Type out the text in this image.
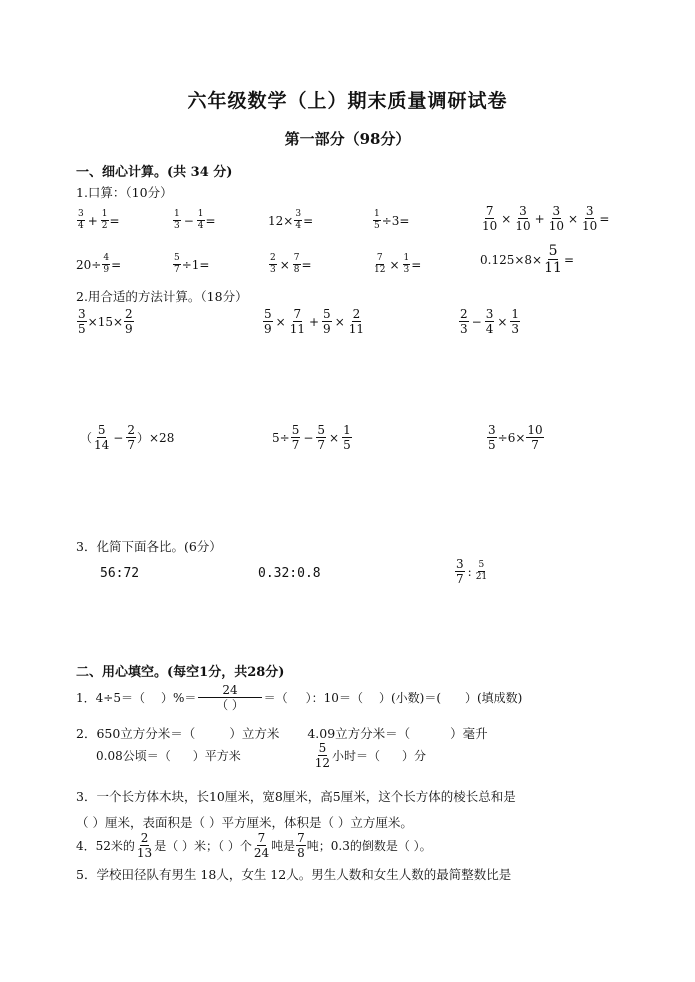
六年级数学（上）期末质量调研试卷
第一部分（98分）
一、细心计算。(共 34 分)
1.口算：（10分）
$\frac{3}{4} + \frac{1}{2}$ =	$\frac{1}{3} - \frac{1}{4}$ =	$12\times \frac{3}{4}$ =	$\frac{1}{5} \div 3=$	$\frac{7}{10} \times \frac{3}{10} + \frac{3}{10} \times \frac{3}{10}$ =
$20\div \frac{4}{9}$ =	$\frac{5}{7} \div 1=$	$\frac{2}{3} \times \frac{7}{8}$ =	$\frac{7}{12} \times \frac{1}{3}$ =	$0.125\times 8\times \frac{5}{11}$ =
2.用合适的方法计算。（18分）
$\frac{3}{5} \times 15\times \frac{2}{9}$	$\frac{5}{9} \times \frac{7}{11} + \frac{5}{9} \times \frac{2}{11}$	$\frac{2}{3} - \frac{3}{4} \times \frac{1}{3}$
（ $\frac{5}{14} - \frac{2}{7} )\times 28$	$5\div \frac{5}{7} - \frac{5}{7} \times \frac{1}{5}$	$\frac{3}{5} \div 6\times \frac{10}{7}$
3．化简下面各比。(6分）
56:72	0.32:0.8	$\frac{3}{7}$ : $\frac{5}{21}$
二、用心填空。(每空1分，共28分)
1．4÷5＝（ ）%＝ $\frac{24}{( )}$ ＝（ ）：10＝（ ）(小数)＝( ）(填成数)
2．650立方分米＝（	）立方米 4.09立方分米＝（	）毫升
0.08公顷＝（ ）平方米	$\frac{5}{12}$ 小时＝（ ）分
3．一个长方体木块，长10厘米，宽8厘米，高5厘米，这个长方体的棱长总和是
（ ）厘米，表面积是（ ）平方厘米，体积是（ ）立方厘米。
4．52米的 $\frac{2}{13}$ 是（ ）米；（ ）个 $\frac{7}{24}$ 吨是 $\frac{7}{8}$ 吨；0.3的倒数是（ ）。
5．学校田径队有男生 18人，女生 12人。男生人数和女生人数的最简整数比是
